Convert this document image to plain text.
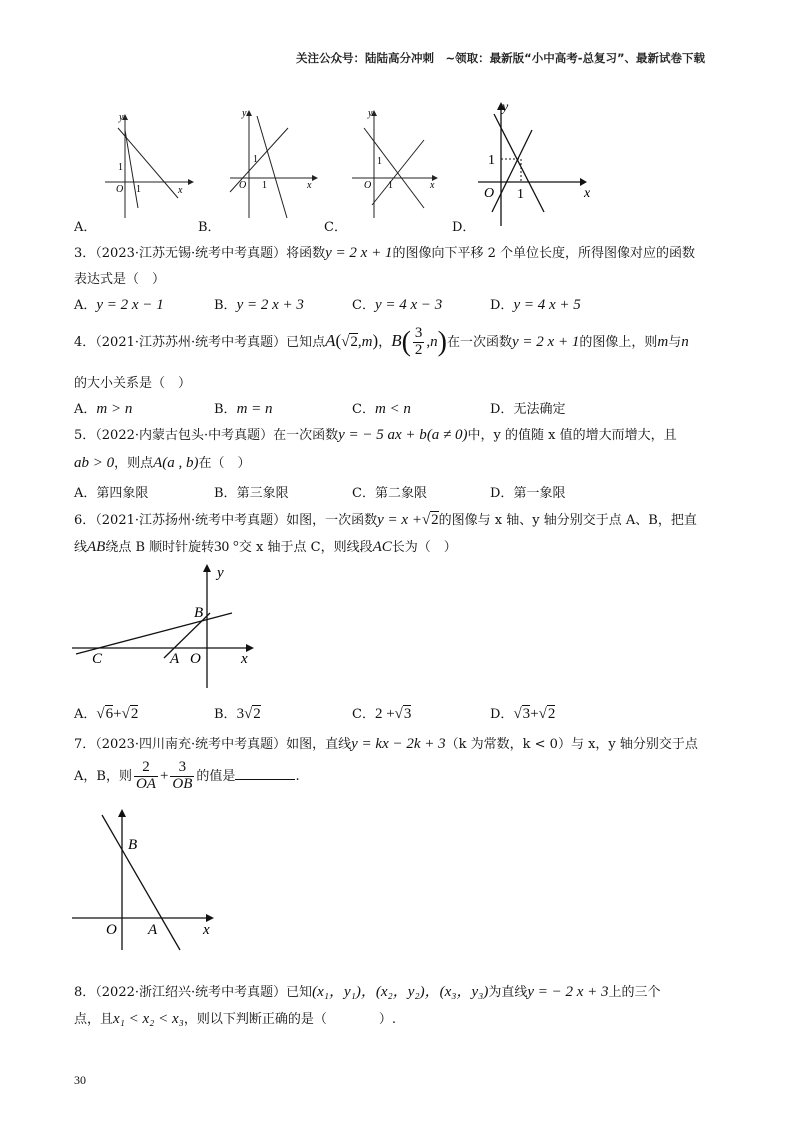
关注公众号：陆陆高分冲刺　~领取：最新版“小中高考-总复习”、最新试卷下载
y
x
O
1
1
y
x
O
1
1
y
x
O
1
1
y
x
O
1
1
A．	B．	C．	D．
3．（2023·江苏无锡·统考中考真题）将函数y = 2 x + 1的图像向下平移 2 个单位长度，所得图像对应的函数
表达式是（　）
A．y = 2 x − 1	B．y = 2 x + 3	C．y = 4 x − 3	D．y = 4 x + 5
4．（2021·江苏苏州·统考中考真题）已知点A(√2,m)，$B( \frac{3}{2} ,n)$在一次函数y = 2 x + 1的图像上，则m与n
的大小关系是（　）
A．m > n	B．m = n	C．m < n	D．无法确定
5．（2022·内蒙古包头·中考真题）在一次函数y = − 5 ax + b(a ≠ 0)中，y 的值随 x 值的增大而增大，且
ab > 0，则点A(a , b)在（　）
A．第四象限	B．第三象限	C．第二象限	D．第一象限
6．（2021·江苏扬州·统考中考真题）如图，一次函数y = x +√2的图像与 x 轴、y 轴分别交于点 A、B，把直
线AB绕点 B 顺时针旋转30 °交 x 轴于点 C，则线段AC长为（　）
y
x
B
C	A O
A．√6+√2	B．3√2	C．2 +√3	D．√3+√2
7．（2023·四川南充·统考中考真题）如图，直线y = kx − 2k + 3（k 为常数，k < 0）与 x，y 轴分别交于点
A，B，则 $\frac{2}{OA} + \frac{3}{OB}$ 的值是	.
B
O A	x
8．（2022·浙江绍兴·统考中考真题）已知(x₁，y₁)，(x₂，y₂)，(x₃，y₃)为直线y = − 2 x + 3上的三个
点，且x₁ < x₂ < x₃，则以下判断正确的是（　　　　）.
30
